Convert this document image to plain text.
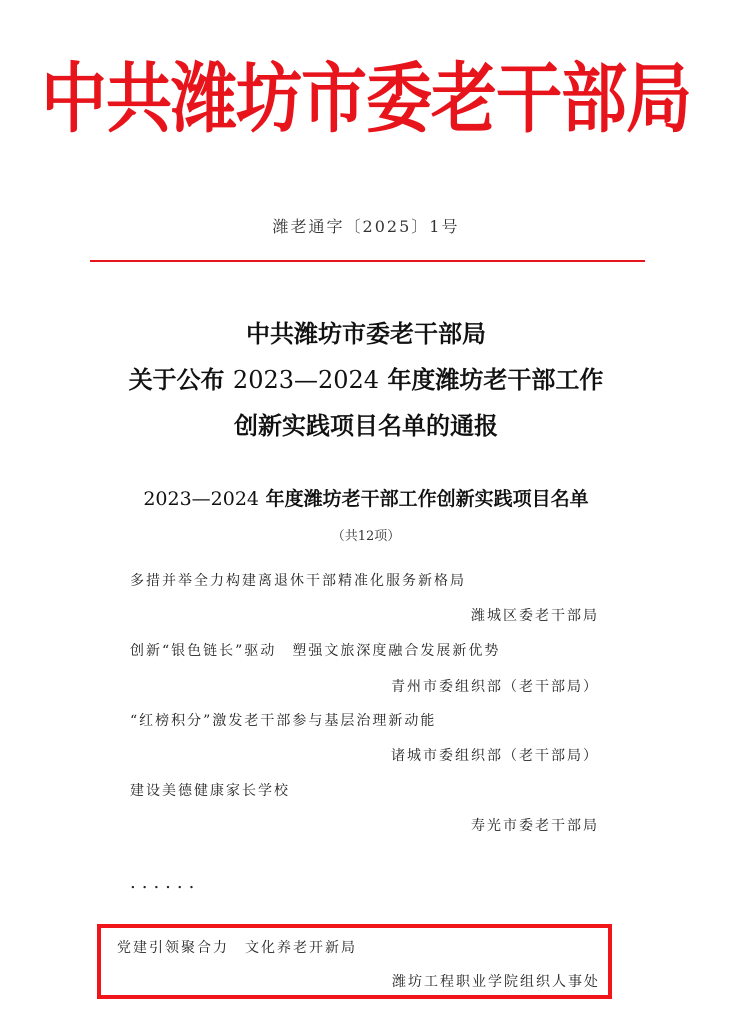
中共潍坊市委老干部局
潍老通字〔2025〕1号
中共潍坊市委老干部局
关于公布 2023—2024 年度潍坊老干部工作
创新实践项目名单的通报
2023—2024 年度潍坊老干部工作创新实践项目名单
（共12项）
多措并举全力构建离退休干部精准化服务新格局
潍城区委老干部局
创新“银色链长”驱动　塑强文旅深度融合发展新优势
青州市委组织部（老干部局）
“红榜积分”激发老干部参与基层治理新动能
诸城市委组织部（老干部局）
建设美德健康家长学校
寿光市委老干部局
......
党建引领聚合力　文化养老开新局
潍坊工程职业学院组织人事处
